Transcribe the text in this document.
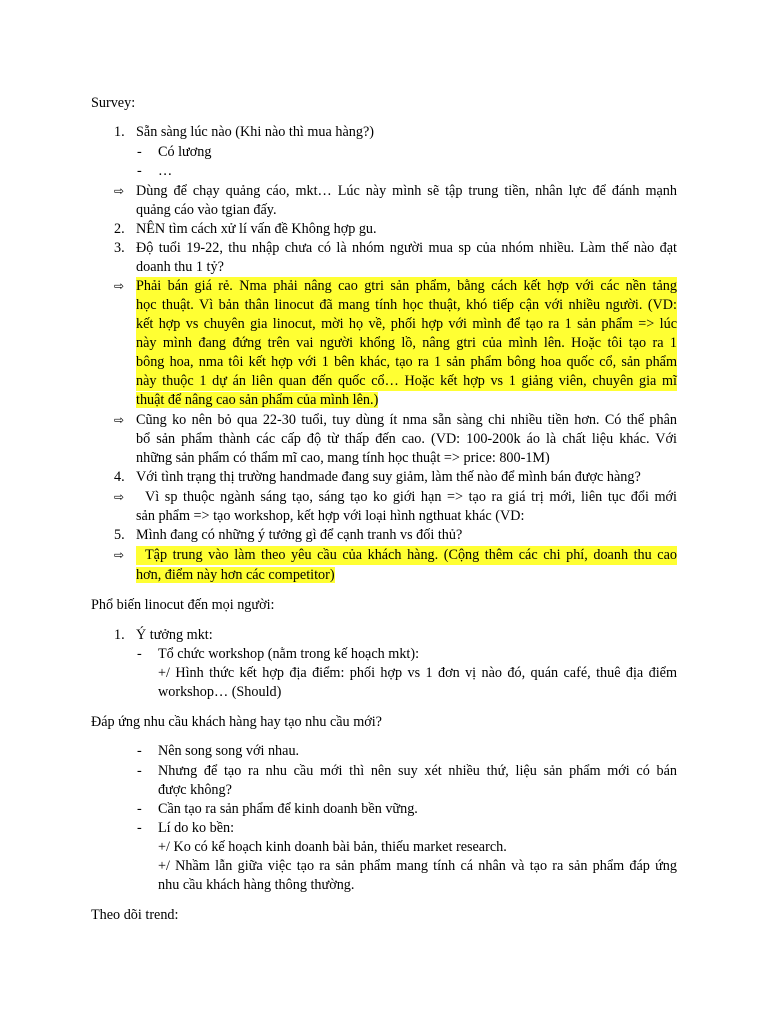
Survey:
1. Sẵn sàng lúc nào (Khi nào thì mua hàng?)
- Có lương
- …
⇨ Dùng để chạy quảng cáo, mkt… Lúc này mình sẽ tập trung tiền, nhân lực để đánh mạnh
quảng cáo vào tgian đấy.
2. NÊN tìm cách xử lí vấn đề Không hợp gu.
3. Độ tuổi 19-22, thu nhập chưa có là nhóm người mua sp của nhóm nhiều. Làm thế nào đạt
doanh thu 1 tỷ?
⇨ Phải bán giá rẻ. Nma phải nâng cao gtri sản phẩm, bằng cách kết hợp với các nền tảng
học thuật. Vì bản thân linocut đã mang tính học thuật, khó tiếp cận với nhiều người. (VD:
kết hợp vs chuyên gia linocut, mời họ về, phối hợp với mình để tạo ra 1 sản phẩm => lúc
này mình đang đứng trên vai người khổng lồ, nâng gtri của mình lên. Hoặc tôi tạo ra 1
bông hoa, nma tôi kết hợp với 1 bên khác, tạo ra 1 sản phẩm bông hoa quốc cổ, sản phẩm
này thuộc 1 dự án liên quan đến quốc cổ… Hoặc kết hợp vs 1 giảng viên, chuyên gia mĩ
thuật để nâng cao sản phẩm của mình lên.)
⇨ Cũng ko nên bỏ qua 22-30 tuổi, tuy dùng ít nma sẵn sàng chi nhiều tiền hơn. Có thể phân
bổ sản phẩm thành các cấp độ từ thấp đến cao. (VD: 100-200k áo là chất liệu khác. Với
những sản phẩm có thẩm mĩ cao, mang tính học thuật => price: 800-1M)
4. Với tình trạng thị trường handmade đang suy giảm, làm thế nào để mình bán được hàng?
⇨ Vì sp thuộc ngành sáng tạo, sáng tạo ko giới hạn => tạo ra giá trị mới, liên tục đổi mới
sản phẩm => tạo workshop, kết hợp với loại hình ngthuat khác (VD:
5. Mình đang có những ý tưởng gì để cạnh tranh vs đối thủ?
⇨	Tập trung vào làm theo yêu cầu của khách hàng. (Cộng thêm các chi phí, doanh thu cao
hơn, điểm này hơn các competitor)
Phổ biến linocut đến mọi người:
1. Ý tưởng mkt:
- Tổ chức workshop (nằm trong kế hoạch mkt):
+/ Hình thức kết hợp địa điểm: phối hợp vs 1 đơn vị nào đó, quán café, thuê địa điểm
workshop… (Should)
Đáp ứng nhu cầu khách hàng hay tạo nhu cầu mới?
- Nên song song với nhau.
- Nhưng để tạo ra nhu cầu mới thì nên suy xét nhiều thứ, liệu sản phẩm mới có bán
được không?
- Cần tạo ra sản phẩm để kinh doanh bền vững.
- Lí do ko bền:
+/ Ko có kế hoạch kinh doanh bài bản, thiếu market research.
+/ Nhầm lẫn giữa việc tạo ra sản phẩm mang tính cá nhân và tạo ra sản phẩm đáp ứng
nhu cầu khách hàng thông thường.
Theo dõi trend:
